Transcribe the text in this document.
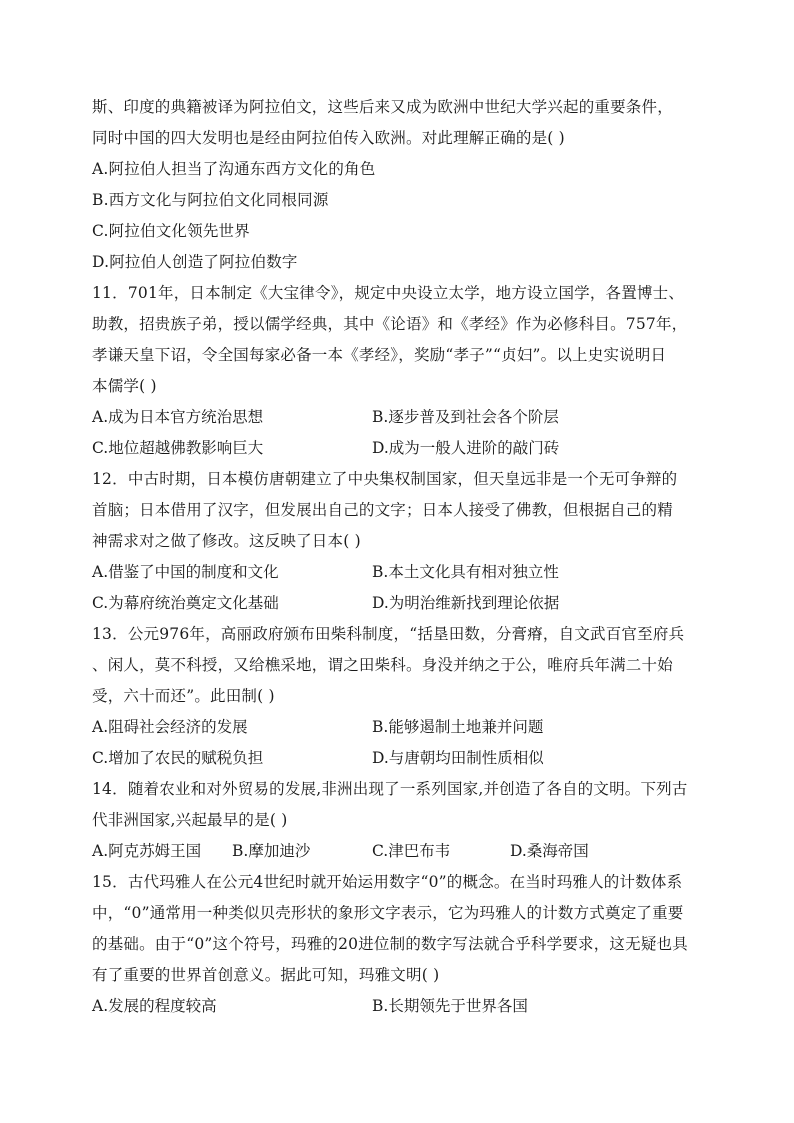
斯、印度的典籍被译为阿拉伯文，这些后来又成为欧洲中世纪大学兴起的重要条件，
同时中国的四大发明也是经由阿拉伯传入欧洲。对此理解正确的是( )
A.阿拉伯人担当了沟通东西方文化的角色
B.西方文化与阿拉伯文化同根同源
C.阿拉伯文化领先世界
D.阿拉伯人创造了阿拉伯数字
11．701年，日本制定《大宝律令》，规定中央设立太学，地方设立国学，各置博士、
助教，招贵族子弟，授以儒学经典，其中《论语》和《孝经》作为必修科目。757年，
孝谦天皇下诏，令全国每家必备一本《孝经》，奖励“孝子”“贞妇”。以上史实说明日
本儒学( )
A.成为日本官方统治思想	B.逐步普及到社会各个阶层
C.地位超越佛教影响巨大	D.成为一般人进阶的敲门砖
12．中古时期，日本模仿唐朝建立了中央集权制国家，但天皇远非是一个无可争辩的
首脑；日本借用了汉字，但发展出自己的文字；日本人接受了佛教，但根据自己的精
神需求对之做了修改。这反映了日本( )
A.借鉴了中国的制度和文化	B.本土文化具有相对独立性
C.为幕府统治奠定文化基础	D.为明治维新找到理论依据
13．公元976年，高丽政府颁布田柴科制度，“括垦田数，分膏瘠，自文武百官至府兵
、闲人，莫不科授，又给樵采地，谓之田柴科。身没并纳之于公，唯府兵年满二十始
受，六十而还”。此田制( )
A.阻碍社会经济的发展	B.能够遏制土地兼并问题
C.增加了农民的赋税负担	D.与唐朝均田制性质相似
14．随着农业和对外贸易的发展,非洲出现了一系列国家,并创造了各自的文明。下列古
代非洲国家,兴起最早的是( )
A.阿克苏姆王国 B.摩加迪沙	C.津巴布韦	D.桑海帝国
15．古代玛雅人在公元4世纪时就开始运用数字“0”的概念。在当时玛雅人的计数体系
中，“0”通常用一种类似贝壳形状的象形文字表示，它为玛雅人的计数方式奠定了重要
的基础。由于“0”这个符号，玛雅的20进位制的数字写法就合乎科学要求，这无疑也具
有了重要的世界首创意义。据此可知，玛雅文明( )
A.发展的程度较高	B.长期领先于世界各国
